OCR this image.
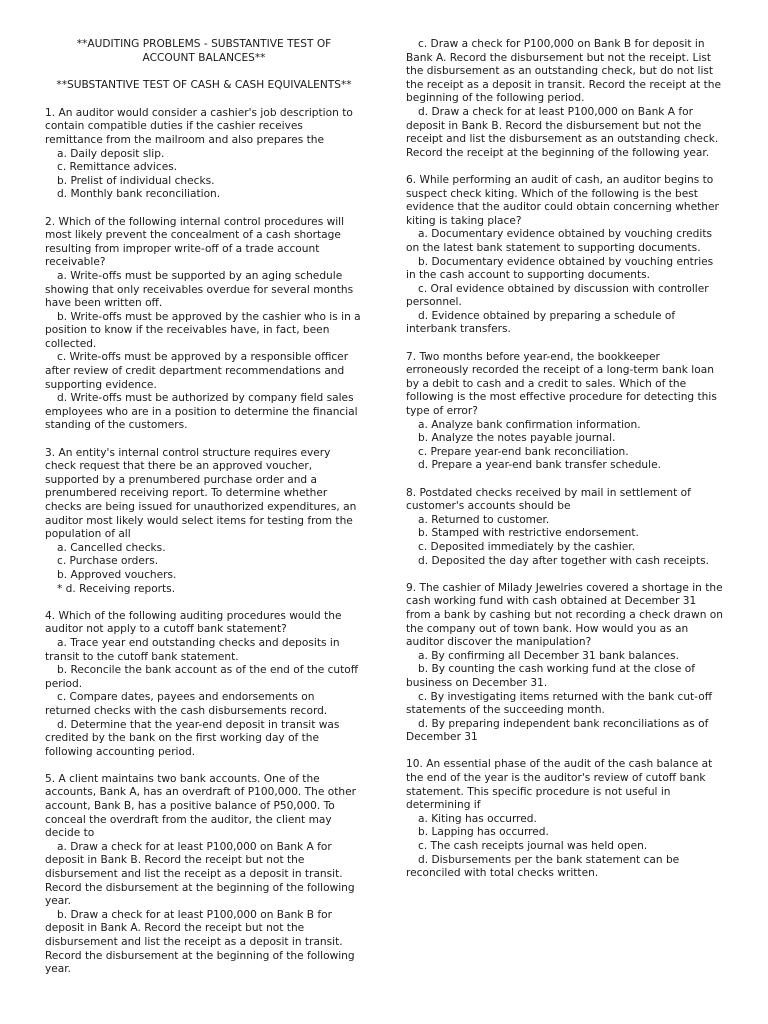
**AUDITING PROBLEMS - SUBSTANTIVE TEST OF

ACCOUNT BALANCES**

**SUBSTANTIVE TEST OF CASH & CASH EQUIVALENTS**

1. An auditor would consider a cashier's job description to contain compatible duties if the cashier receives remittance from the mailroom and also prepares the

a. Daily deposit slip.

c. Remittance advices.

b. Prelist of individual checks.

d. Monthly bank reconciliation.

2. Which of the following internal control procedures will most likely prevent the concealment of a cash shortage resulting from improper write-off of a trade account receivable?

a. Write-offs must be supported by an aging schedule showing that only receivables overdue for several months have been written off.

b. Write-offs must be approved by the cashier who is in a position to know if the receivables have, in fact, been collected.

c. Write-offs must be approved by a responsible officer after review of credit department recommendations and supporting evidence.

d. Write-offs must be authorized by company field sales employees who are in a position to determine the financial standing of the customers.

3. An entity's internal control structure requires every check request that there be an approved voucher, supported by a prenumbered purchase order and a prenumbered receiving report. To determine whether checks are being issued for unauthorized expenditures, an auditor most likely would select items for testing from the population of all

a. Cancelled checks.

c. Purchase orders.

b. Approved vouchers.

* d. Receiving reports.

4. Which of the following auditing procedures would the auditor not apply to a cutoff bank statement?

a. Trace year end outstanding checks and deposits in transit to the cutoff bank statement.

b. Reconcile the bank account as of the end of the cutoff period.

c. Compare dates, payees and endorsements on returned checks with the cash disbursements record.

d. Determine that the year-end deposit in transit was credited by the bank on the first working day of the following accounting period.

5. A client maintains two bank accounts. One of the accounts, Bank A, has an overdraft of P100,000. The other account, Bank B, has a positive balance of P50,000. To conceal the overdraft from the auditor, the client may decide to

a. Draw a check for at least P100,000 on Bank A for deposit in Bank B. Record the receipt but not the disbursement and list the receipt as a deposit in transit. Record the disbursement at the beginning of the following year.

b. Draw a check for at least P100,000 on Bank B for deposit in Bank A. Record the receipt but not the disbursement and list the receipt as a deposit in transit. Record the disbursement at the beginning of the following year.

c. Draw a check for P100,000 on Bank B for deposit in Bank A. Record the disbursement but not the receipt. List the disbursement as an outstanding check, but do not list the receipt as a deposit in transit. Record the receipt at the beginning of the following period.

d. Draw a check for at least P100,000 on Bank A for deposit in Bank B. Record the disbursement but not the receipt and list the disbursement as an outstanding check. Record the receipt at the beginning of the following year.

6. While performing an audit of cash, an auditor begins to suspect check kiting. Which of the following is the best evidence that the auditor could obtain concerning whether kiting is taking place?

a. Documentary evidence obtained by vouching credits on the latest bank statement to supporting documents.

b. Documentary evidence obtained by vouching entries in the cash account to supporting documents.

c. Oral evidence obtained by discussion with controller personnel.

d. Evidence obtained by preparing a schedule of interbank transfers.

7. Two months before year-end, the bookkeeper erroneously recorded the receipt of a long-term bank loan by a debit to cash and a credit to sales. Which of the following is the most effective procedure for detecting this type of error?

a. Analyze bank confirmation information.

b. Analyze the notes payable journal.

c. Prepare year-end bank reconciliation.

d. Prepare a year-end bank transfer schedule.

8. Postdated checks received by mail in settlement of customer's accounts should be

a. Returned to customer.

b. Stamped with restrictive endorsement.

c. Deposited immediately by the cashier.

d. Deposited the day after together with cash receipts.

9. The cashier of Milady Jewelries covered a shortage in the cash working fund with cash obtained at December 31 from a bank by cashing but not recording a check drawn on the company out of town bank. How would you as an auditor discover the manipulation?

a. By confirming all December 31 bank balances.

b. By counting the cash working fund at the close of business on December 31.

c. By investigating items returned with the bank cut-off statements of the succeeding month.

d. By preparing independent bank reconciliations as of December 31

10. An essential phase of the audit of the cash balance at the end of the year is the auditor's review of cutoff bank statement. This specific procedure is not useful in determining if

a. Kiting has occurred.

b. Lapping has occurred.

c. The cash receipts journal was held open.

d. Disbursements per the bank statement can be reconciled with total checks written.
